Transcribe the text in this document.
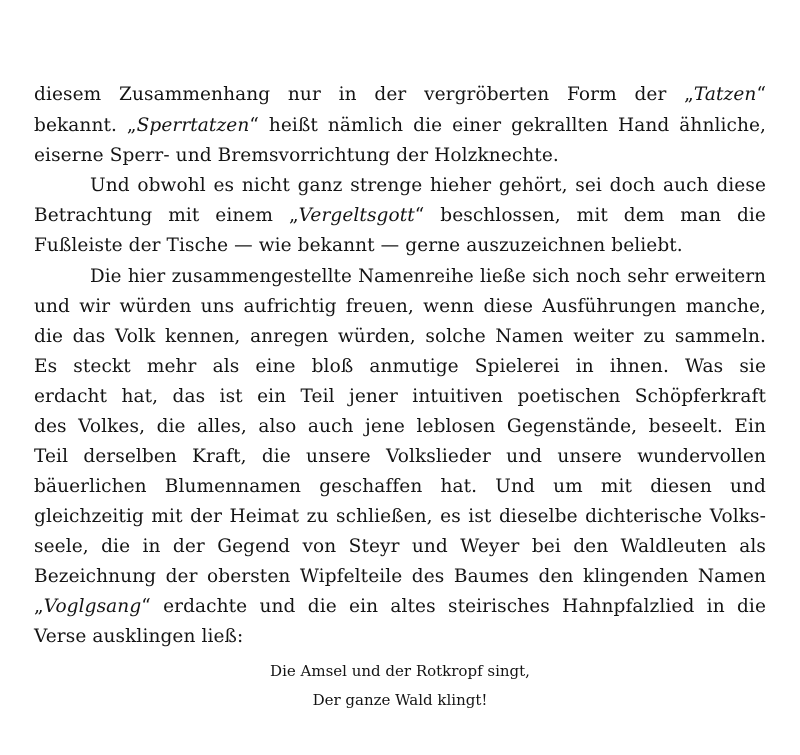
diesem Zusammenhang nur in der vergröberten Form der „Tatzen“
bekannt. „Sperrtatzen“ heißt nämlich die einer gekrallten Hand ähnliche,
eiserne Sperr- und Bremsvorrichtung der Holzknechte.
Und obwohl es nicht ganz strenge hieher gehört, sei doch auch diese
Betrachtung mit einem „Vergeltsgott“ beschlossen, mit dem man die
Fußleiste der Tische — wie bekannt — gerne auszuzeichnen beliebt.
Die hier zusammengestellte Namenreihe ließe sich noch sehr erweitern
und wir würden uns aufrichtig freuen, wenn diese Ausführungen manche,
die das Volk kennen, anregen würden, solche Namen weiter zu sammeln.
Es steckt mehr als eine bloß anmutige Spielerei in ihnen. Was sie
erdacht hat, das ist ein Teil jener intuitiven poetischen Schöpferkraft
des Volkes, die alles, also auch jene leblosen Gegenstände, beseelt. Ein
Teil derselben Kraft, die unsere Volkslieder und unsere wundervollen
bäuerlichen Blumennamen geschaffen hat. Und um mit diesen und
gleichzeitig mit der Heimat zu schließen, es ist dieselbe dichterische Volks-
seele, die in der Gegend von Steyr und Weyer bei den Waldleuten als
Bezeichnung der obersten Wipfelteile des Baumes den klingenden Namen
„Voglgsang“ erdachte und die ein altes steirisches Hahnpfalzlied in die
Verse ausklingen ließ:
Die Amsel und der Rotkropf singt,
Der ganze Wald klingt!
